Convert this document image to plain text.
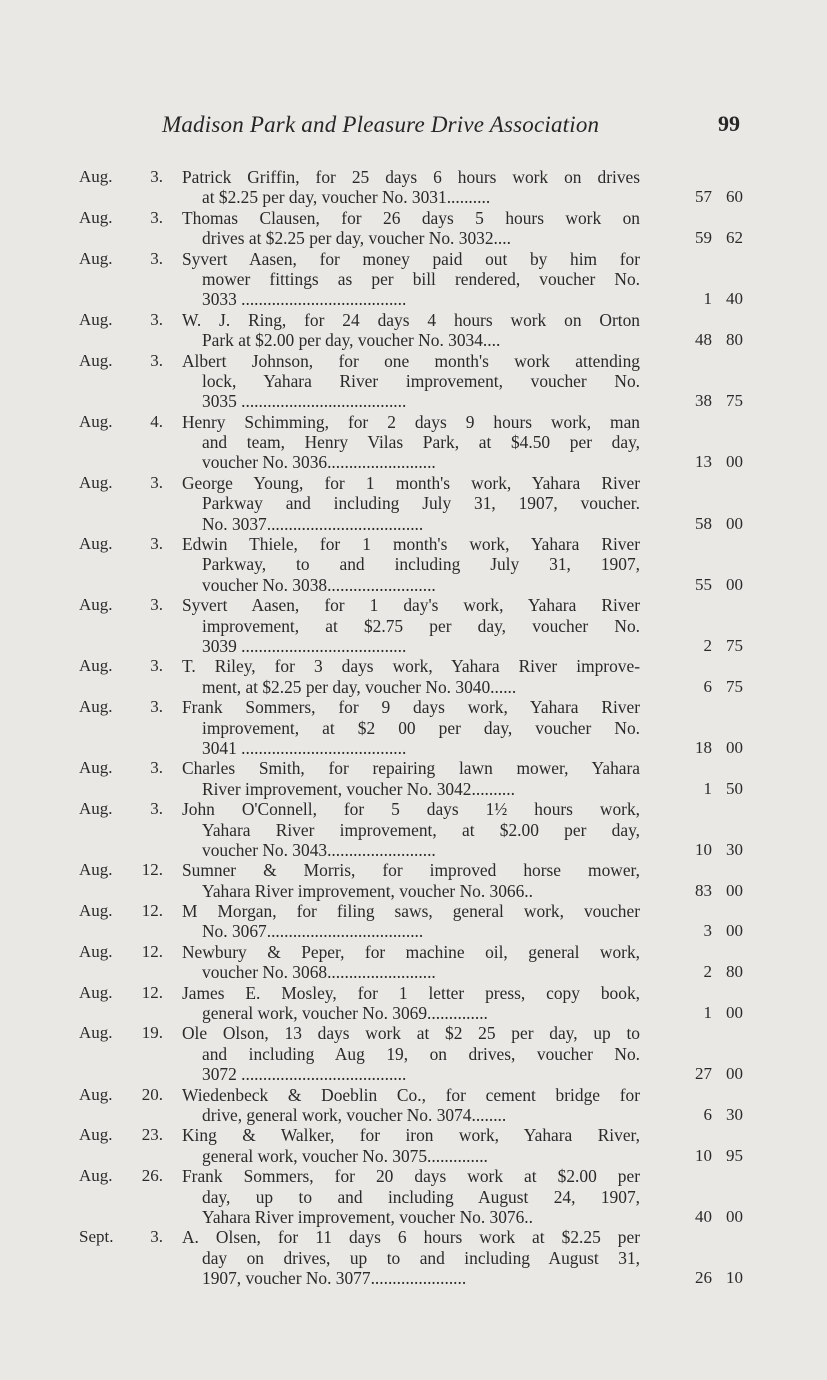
Madison Park and Pleasure Drive Association	99
Aug. 3. Patrick Griffin, for 25 days 6 hours work on drives
at $2.25 per day, voucher No. 3031..........	57 60
Aug. 3. Thomas Clausen, for 26 days 5 hours work on
drives at $2.25 per day, voucher No. 3032....	59 62
Aug. 3. Syvert Aasen, for money paid out by him for
mower fittings as per bill rendered, voucher No.
3033 ......................................	1 40
Aug. 3. W. J. Ring, for 24 days 4 hours work on Orton
Park at $2.00 per day, voucher No. 3034....	48 80
Aug. 3. Albert Johnson, for one month's work attending
lock, Yahara River improvement, voucher No.
3035 ......................................	38 75
Aug. 4. Henry Schimming, for 2 days 9 hours work, man
and team, Henry Vilas Park, at $4.50 per day,
voucher No. 3036.........................	13 00
Aug. 3. George Young, for 1 month's work, Yahara River
Parkway and including July 31, 1907, voucher.
No. 3037....................................	58 00
Aug. 3. Edwin Thiele, for 1 month's work, Yahara River
Parkway, to and including July 31, 1907,
voucher No. 3038.........................	55 00
Aug. 3. Syvert Aasen, for 1 day's work, Yahara River
improvement, at $2.75 per day, voucher No.
3039 ......................................	2 75
Aug. 3. T. Riley, for 3 days work, Yahara River improve-
ment, at $2.25 per day, voucher No. 3040......	6 75
Aug. 3. Frank Sommers, for 9 days work, Yahara River
improvement, at $2 00 per day, voucher No.
3041 ......................................	18 00
Aug. 3. Charles Smith, for repairing lawn mower, Yahara
River improvement, voucher No. 3042..........	1 50
Aug. 3. John O'Connell, for 5 days 1½ hours work,
Yahara River improvement, at $2.00 per day,
voucher No. 3043.........................	10 30
Aug. 12. Sumner & Morris, for improved horse mower,
Yahara River improvement, voucher No. 3066..	83 00
Aug. 12. M Morgan, for filing saws, general work, voucher
No. 3067....................................	3 00
Aug. 12. Newbury & Peper, for machine oil, general work,
voucher No. 3068.........................	2 80
Aug. 12. James E. Mosley, for 1 letter press, copy book,
general work, voucher No. 3069..............	1 00
Aug. 19. Ole Olson, 13 days work at $2 25 per day, up to
and including Aug 19, on drives, voucher No.
3072 ......................................	27 00
Aug. 20. Wiedenbeck & Doeblin Co., for cement bridge for
drive, general work, voucher No. 3074........	6 30
Aug. 23. King & Walker, for iron work, Yahara River,
general work, voucher No. 3075..............	10 95
Aug. 26. Frank Sommers, for 20 days work at $2.00 per
day, up to and including August 24, 1907,
Yahara River improvement, voucher No. 3076..	40 00
Sept. 3. A. Olsen, for 11 days 6 hours work at $2.25 per
day on drives, up to and including August 31,
1907, voucher No. 3077......................	26 10
